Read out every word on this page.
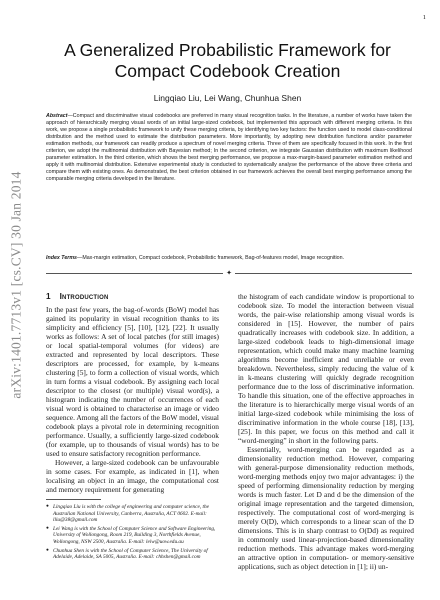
1
arXiv:1401.7713v1 [cs.CV] 30 Jan 2014
A Generalized Probabilistic Framework for Compact Codebook Creation
Lingqiao Liu, Lei Wang, Chunhua Shen

Abstract—Compact and discriminative visual codebooks are preferred in many visual recognition tasks. In the literature, a number of works have taken the approach of hierarchically merging visual words of an initial large-sized codebook, but implemented this approach with different merging criteria. In this work, we propose a single probabilistic framework to unify these merging criteria, by identifying two key factors: the function used to model class-conditional distribution and the method used to estimate the distribution parameters. More importantly, by adopting new distribution functions and/or parameter estimation methods, our framework can readily produce a spectrum of novel merging criteria. Three of them are specifically focused in this work. In the first criterion, we adopt the multinomial distribution with Bayesian method; In the second criterion, we integrate Gaussian distribution with maximum likelihood parameter estimation. In the third criterion, which shows the best merging performance, we propose a max-margin-based parameter estimation method and apply it with multinomial distribution. Extensive experimental study is conducted to systematically analyse the performance of the above three criteria and compare them with existing ones. As demonstrated, the best criterion obtained in our framework achieves the overall best merging performance among the comparable merging criteria developed in the literature.

Index Terms—Max-margin estimation, Compact codebook, Probabilistic framework, Bag-of-features model, Image recognition.

✦
1 Introduction

In the past few years, the bag-of-words (BoW) model has gained its popularity in visual recognition thanks to its simplicity and efficiency [5], [10], [12], [22]. It usually works as follows: A set of local patches (for still images) or local spatial-temporal volumes (for videos) are extracted and represented by local descriptors. These descriptors are processed, for example, by k-means clustering [5], to form a collection of visual words, which in turn forms a visual codebook. By assigning each local descriptor to the closest (or multiple) visual word(s), a histogram indicating the number of occurrences of each visual word is obtained to characterise an image or video sequence. Among all the factors of the BoW model, visual codebook plays a pivotal role in determining recognition performance. Usually, a sufficiently large-sized codebook (for example, up to thousands of visual words) has to be used to ensure satisfactory recognition performance.

However, a large-sized codebook can be unfavourable in some cases. For example, as indicated in [1], when localising an object in an image, the computational cost and memory requirement for generating

● Lingqiao Liu is with the college of engineering and computer science, the Australian National University, Canberra, Australia, ACT 0602. E-mail: lliu@38@gmail.com
● Lei Wang is with the School of Computer Science and Software Engineering, University of Wollongong, Room 219, Building 3, Northfields Avenue, Wollongong, NSW 2500, Australia. E-mail: leiw@uow.edu.au
● Chunhua Shen is with the School of Computer Science, The University of Adelaide, Adelaide, SA 5005, Australia. E-mail: chhshen@gmail.com

the histogram of each candidate window is proportional to codebook size. To model the interaction between visual words, the pair-wise relationship among visual words is considered in [15]. However, the number of pairs quadratically increases with codebook size. In addition, a large-sized codebook leads to high-dimensional image representation, which could make many machine learning algorithms become inefficient and unreliable or even breakdown. Nevertheless, simply reducing the value of k in k-means clustering will quickly degrade recognition performance due to the loss of discriminative information. To handle this situation, one of the effective approaches in the literature is to hierarchically merge visual words of an initial large-sized codebook while minimising the loss of discriminative information in the whole course [18], [13], [25]. In this paper, we focus on this method and call it “word-merging” in short in the following parts.

Essentially, word-merging can be regarded as a dimensionality reduction method. However, comparing with general-purpose dimensionality reduction methods, word-merging methods enjoy two major advantages: i) the speed of performing dimensionality reduction by merging words is much faster. Let D and d be the dimension of the original image representation and the targeted dimension, respectively. The computational cost of word-merging is merely O(D), which corresponds to a linear scan of the D dimensions. This is in sharp contrast to O(Dd) as required in commonly used linear-projection-based dimensionality reduction methods. This advantage makes word-merging an attractive option in computation- or memory-sensitive applications, such as object detection in [1]; ii) un-
